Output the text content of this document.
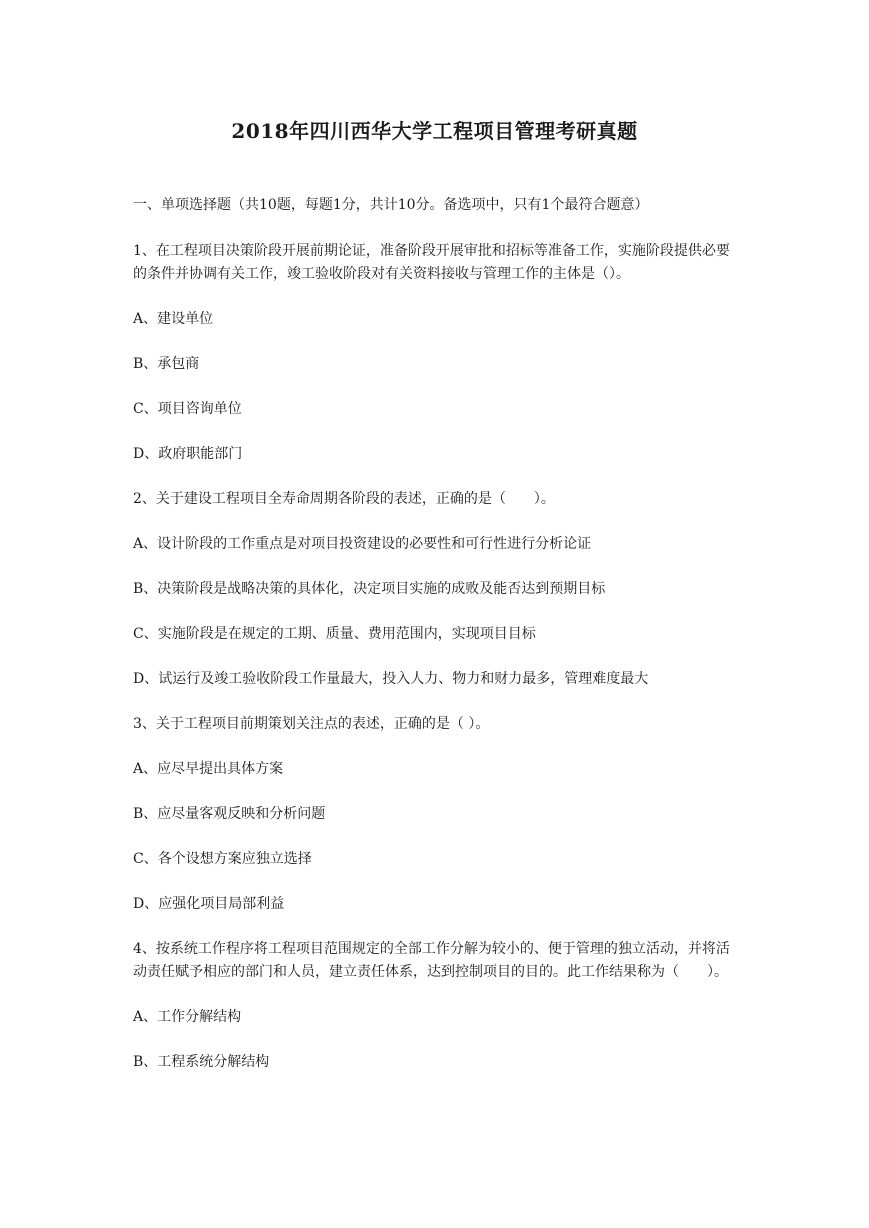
2018年四川西华大学工程项目管理考研真题

一、单项选择题（共10题，每题1分，共计10分。备选项中，只有1个最符合题意）

1、在工程项目决策阶段开展前期论证，准备阶段开展审批和招标等准备工作，实施阶段提供必要的条件并协调有关工作，竣工验收阶段对有关资料接收与管理工作的主体是（）。

A、建设单位

B、承包商

C、项目咨询单位

D、政府职能部门

2、关于建设工程项目全寿命周期各阶段的表述，正确的是（　　）。

A、设计阶段的工作重点是对项目投资建设的必要性和可行性进行分析论证

B、决策阶段是战略决策的具体化，决定项目实施的成败及能否达到预期目标

C、实施阶段是在规定的工期、质量、费用范围内，实现项目目标

D、试运行及竣工验收阶段工作量最大，投入人力、物力和财力最多，管理难度最大

3、关于工程项目前期策划关注点的表述，正确的是（ ）。

A、应尽早提出具体方案

B、应尽量客观反映和分析问题

C、各个设想方案应独立选择

D、应强化项目局部利益

4、按系统工作程序将工程项目范围规定的全部工作分解为较小的、便于管理的独立活动，并将活动责任赋予相应的部门和人员，建立责任体系，达到控制项目的目的。此工作结果称为（　　）。

A、工作分解结构

B、工程系统分解结构
